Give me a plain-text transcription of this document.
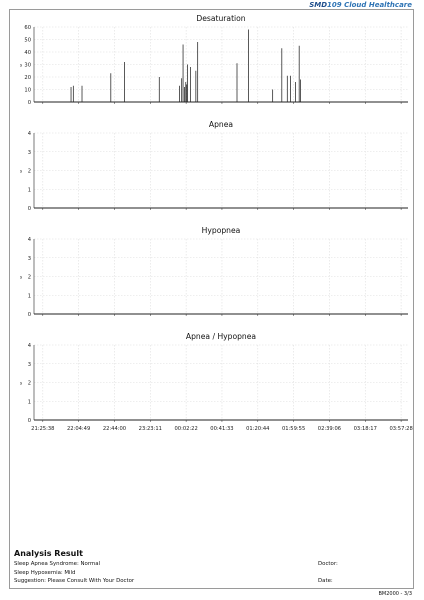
SMD109 Cloud Healthcare
Desaturation
s
0
10
20
30
40
50
60
Apnea
s
0
1
2
3
4
Hypopnea
s
0
1
2
3
4
Apnea / Hypopnea
s
0
1
2
3
4
21:25:38 22:04:49 22:44:00 23:23:11 00:02:22 00:41:33 01:20:44 01:59:55 02:39:06 03:18:17 03:57:28
Analysis Result
Sleep Apnea Syndrome: Normal	Doctor:
Sleep Hypoxemia: Mild
Suggestion: Please Consult With Your Doctor	Date:
BM2000 - 3/3
